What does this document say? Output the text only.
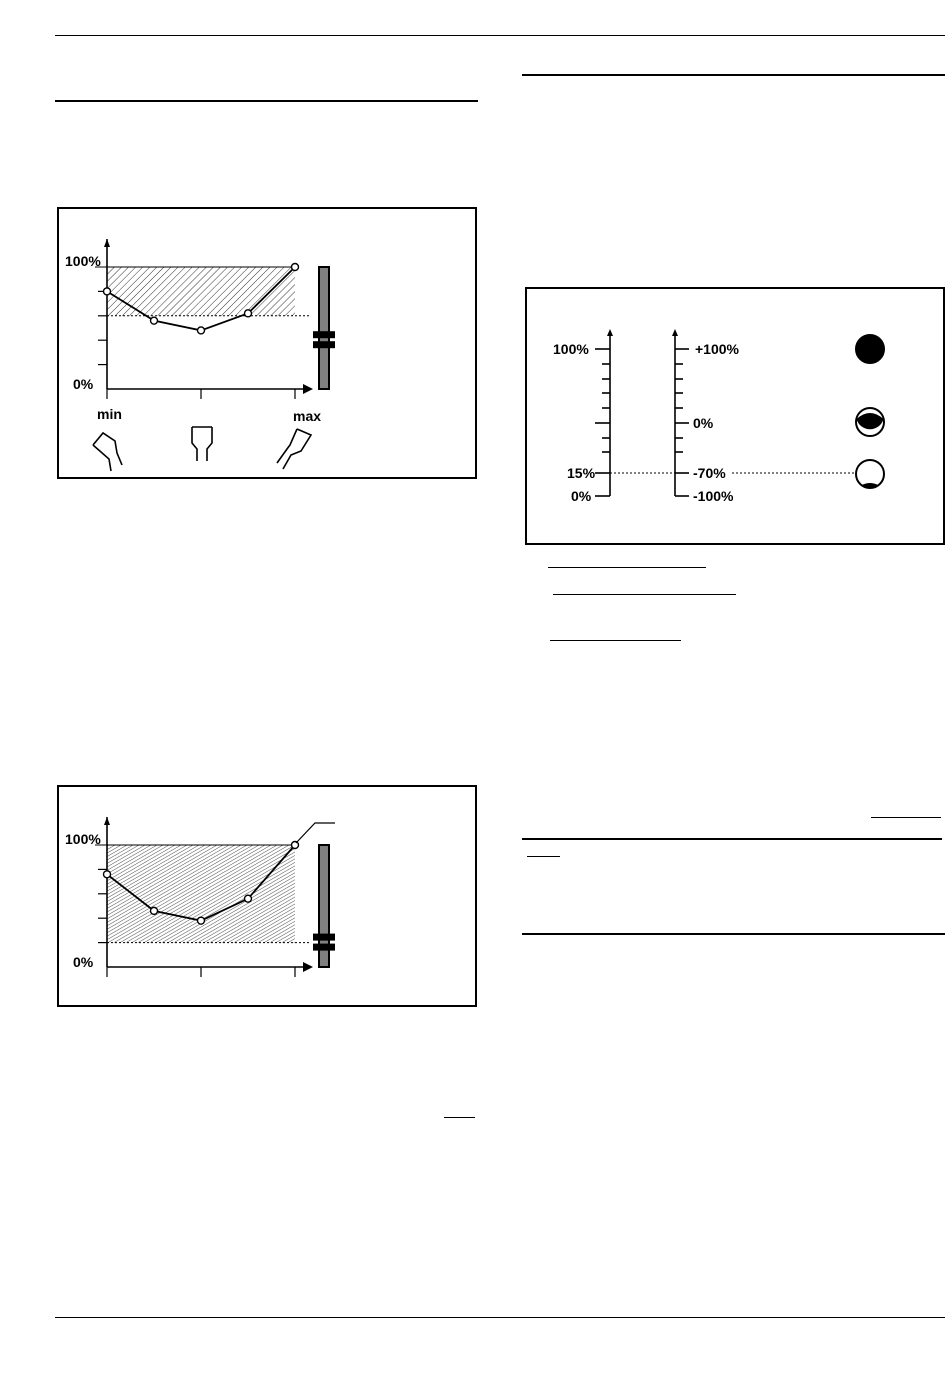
100%
0%
min	max
100%
0%
100%
15%
0%
+100%
0%
-70%
-100%
